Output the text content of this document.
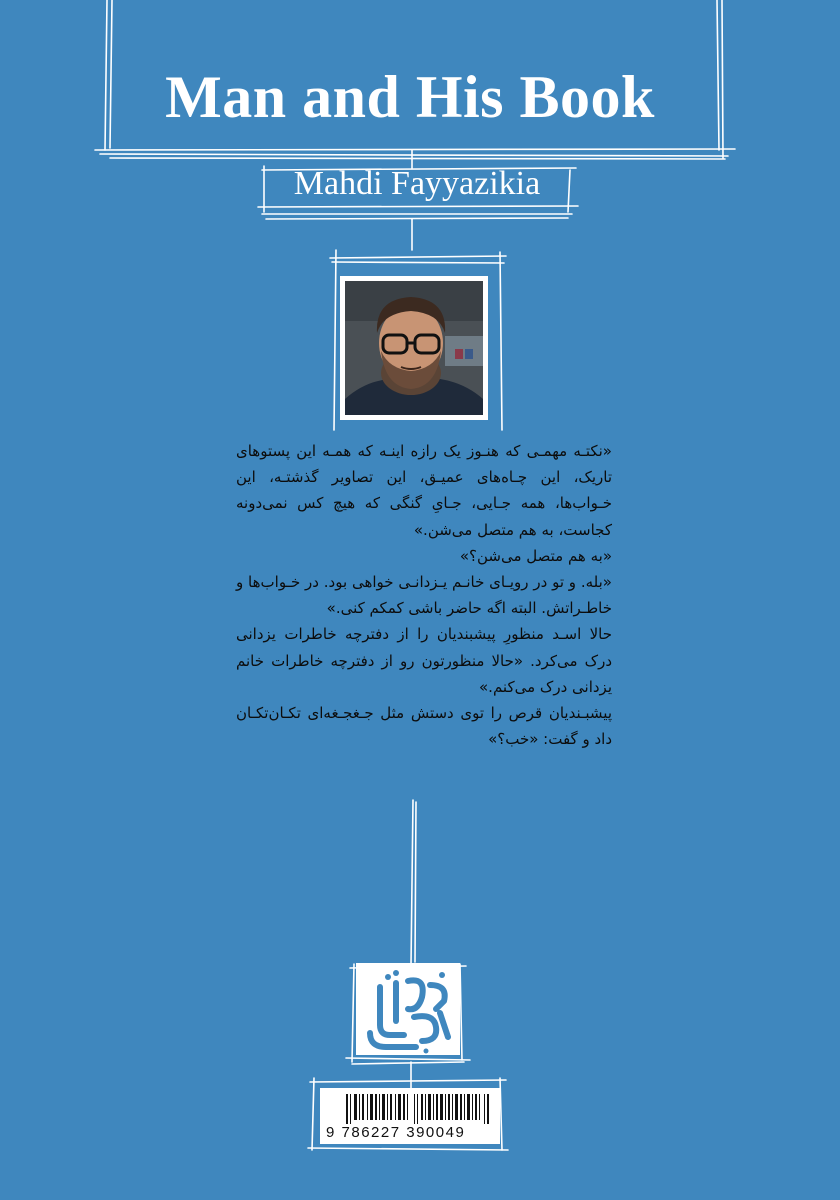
Man and His Book
Mahdi Fayyazikia

«نکتـه مهمـی که هنـوز یک رازه اینـه که همـه این پستوهای تاریک، این چـاه‌های عمیـق، این تصاویر گذشتـه، این خـواب‌ها، همه جـایی، جـایِ گنگی که هیچ کس نمی‌دونه کجاست، به هم متصل می‌شن.»

«به هم متصل می‌شن؟»

«بله. و تو در رویـای خانـم یـزدانـی خواهی بود. در خـواب‌ها و خاطـراتش. البته اگه حاضر باشی کمکم کنی.»

حالا اسـد منظورِ پیشبندیان را از دفترچه خاطرات یزدانی درک می‌کرد. «حالا منظورتون رو از دفترچه خاطرات خانم یزدانی درک می‌کنم.»

پیشبـندیان قرص را توی دستش مثل جـغجـغه‌ای تکـان‌تکـان داد و گفت: «خب؟»

9 786227 390049
